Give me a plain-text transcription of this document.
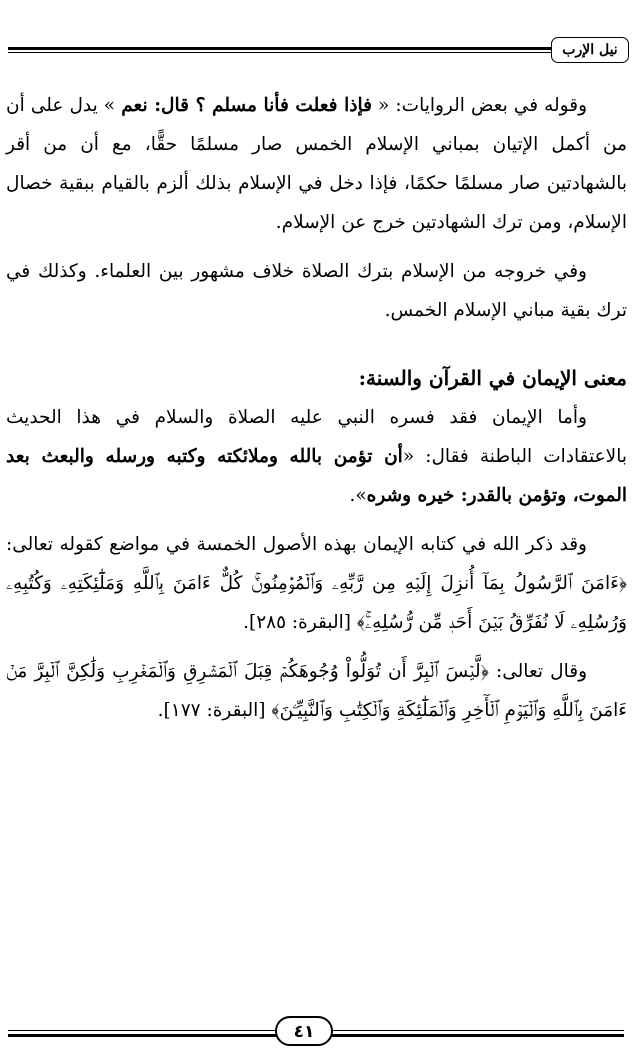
نيل الإرب

وقوله في بعض الروايات: « فإذا فعلت فأنا مسلم ؟ قال: نعم » يدل على أن من أكمل الإتيان بمباني الإسلام الخمس صار مسلمًا حقًّا، مع أن من أقر بالشهادتين صار مسلمًا حكمًا، فإذا دخل في الإسلام بذلك ألزم بالقيام ببقية خصال الإسلام، ومن ترك الشهادتين خرج عن الإسلام.

وفي خروجه من الإسلام بترك الصلاة خلاف مشهور بين العلماء. وكذلك في ترك بقية مباني الإسلام الخمس.

معنى الإيمان في القرآن والسنة:

وأما الإيمان فقد فسره النبي عليه الصلاة والسلام في هذا الحديث بالاعتقادات الباطنة فقال: «أن تؤمن بالله وملائكته وكتبه ورسله والبعث بعد الموت، وتؤمن بالقدر: خيره وشره».

وقد ذكر الله في كتابه الإيمان بهذه الأصول الخمسة في مواضع كقوله تعالى: ﴿ءَامَنَ ٱلرَّسُولُ بِمَآ أُنزِلَ إِلَيۡهِ مِن رَّبِّهِۦ وَٱلۡمُؤۡمِنُونَۚ كُلٌّ ءَامَنَ بِٱللَّهِ وَمَلَٰٓئِكَتِهِۦ وَكُتُبِهِۦ وَرُسُلِهِۦ لَا نُفَرِّقُ بَيۡنَ أَحَدٖ مِّن رُّسُلِهِۦۚ﴾ [البقرة: ٢٨٥].

وقال تعالى: ﴿لَّيۡسَ ٱلۡبِرَّ أَن تُوَلُّواْ وُجُوهَكُمۡ قِبَلَ ٱلۡمَشۡرِقِ وَٱلۡمَغۡرِبِ وَلَٰكِنَّ ٱلۡبِرَّ مَنۡ ءَامَنَ بِٱللَّهِ وَٱلۡيَوۡمِ ٱلۡأٓخِرِ وَٱلۡمَلَٰٓئِكَةِ وَٱلۡكِتَٰبِ وَٱلنَّبِيِّـۧنَ﴾ [البقرة: ١٧٧].

٤١
